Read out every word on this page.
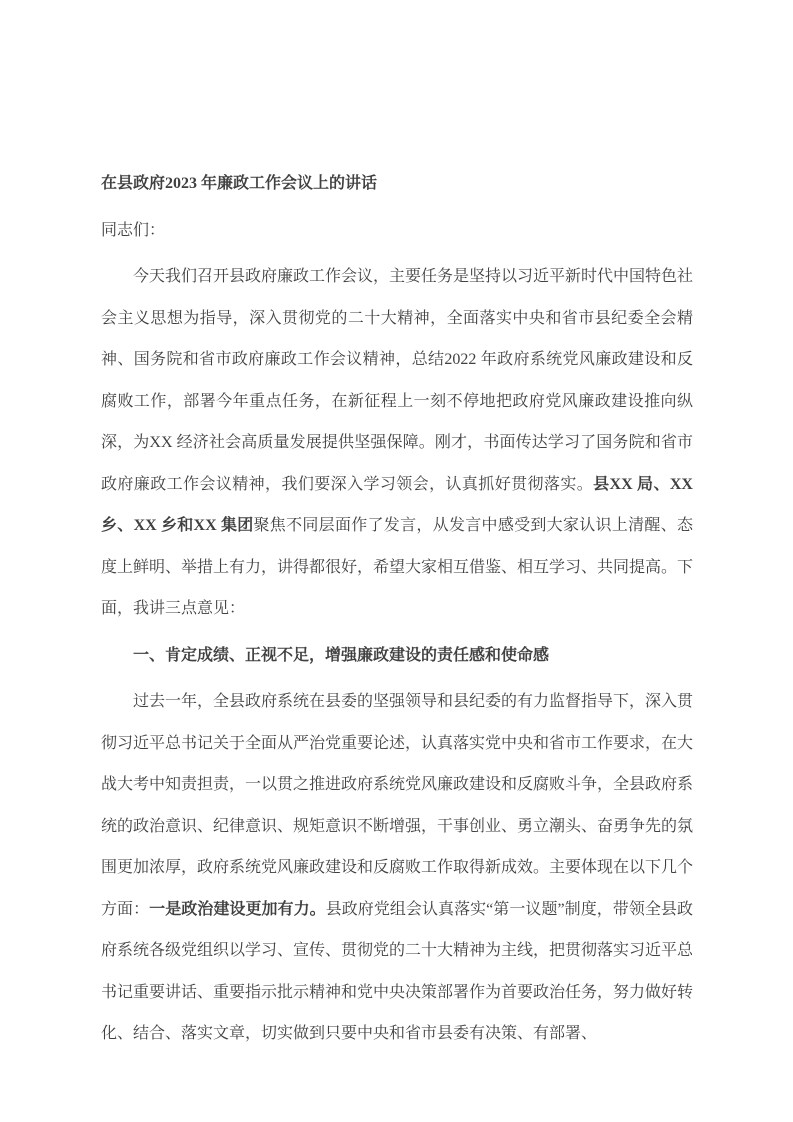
在县政府2023 年廉政工作会议上的讲话

同志们：

今天我们召开县政府廉政工作会议，主要任务是坚持以习近平新时代中国特色社会主义思想为指导，深入贯彻党的二十大精神，全面落实中央和省市县纪委全会精神、国务院和省市政府廉政工作会议精神，总结2022 年政府系统党风廉政建设和反腐败工作，部署今年重点任务，在新征程上一刻不停地把政府党风廉政建设推向纵深，为XX 经济社会高质量发展提供坚强保障。刚才，书面传达学习了国务院和省市政府廉政工作会议精神，我们要深入学习领会，认真抓好贯彻落实。县XX 局、XX 乡、XX 乡和XX 集团聚焦不同层面作了发言，从发言中感受到大家认识上清醒、态度上鲜明、举措上有力，讲得都很好，希望大家相互借鉴、相互学习、共同提高。下面，我讲三点意见：

一、肯定成绩、正视不足，增强廉政建设的责任感和使命感

过去一年，全县政府系统在县委的坚强领导和县纪委的有力监督指导下，深入贯彻习近平总书记关于全面从严治党重要论述，认真落实党中央和省市工作要求，在大战大考中知责担责，一以贯之推进政府系统党风廉政建设和反腐败斗争，全县政府系统的政治意识、纪律意识、规矩意识不断增强，干事创业、勇立潮头、奋勇争先的氛围更加浓厚，政府系统党风廉政建设和反腐败工作取得新成效。主要体现在以下几个方面：一是政治建设更加有力。县政府党组会认真落实“第一议题”制度，带领全县政府系统各级党组织以学习、宣传、贯彻党的二十大精神为主线，把贯彻落实习近平总书记重要讲话、重要指示批示精神和党中央决策部署作为首要政治任务，努力做好转化、结合、落实文章，切实做到只要中央和省市县委有决策、有部署、
